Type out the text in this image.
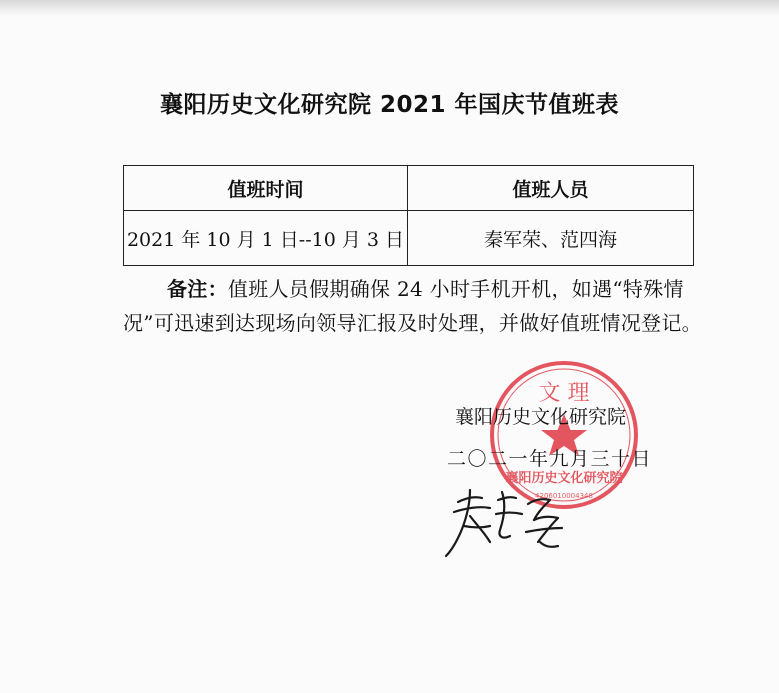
襄阳历史文化研究院 2021 年国庆节值班表
值班时间	值班人员
2021 年 10 月 1 日--10 月 3 日	秦军荣、范四海

备注：值班人员假期确保 24 小时手机开机，如遇“特殊情况”可迅速到达现场向领导汇报及时处理，并做好值班情况登记。

文 理
襄阳历史文化研究院
4206010004348

襄阳历史文化研究院

二〇二一年九月三十日
